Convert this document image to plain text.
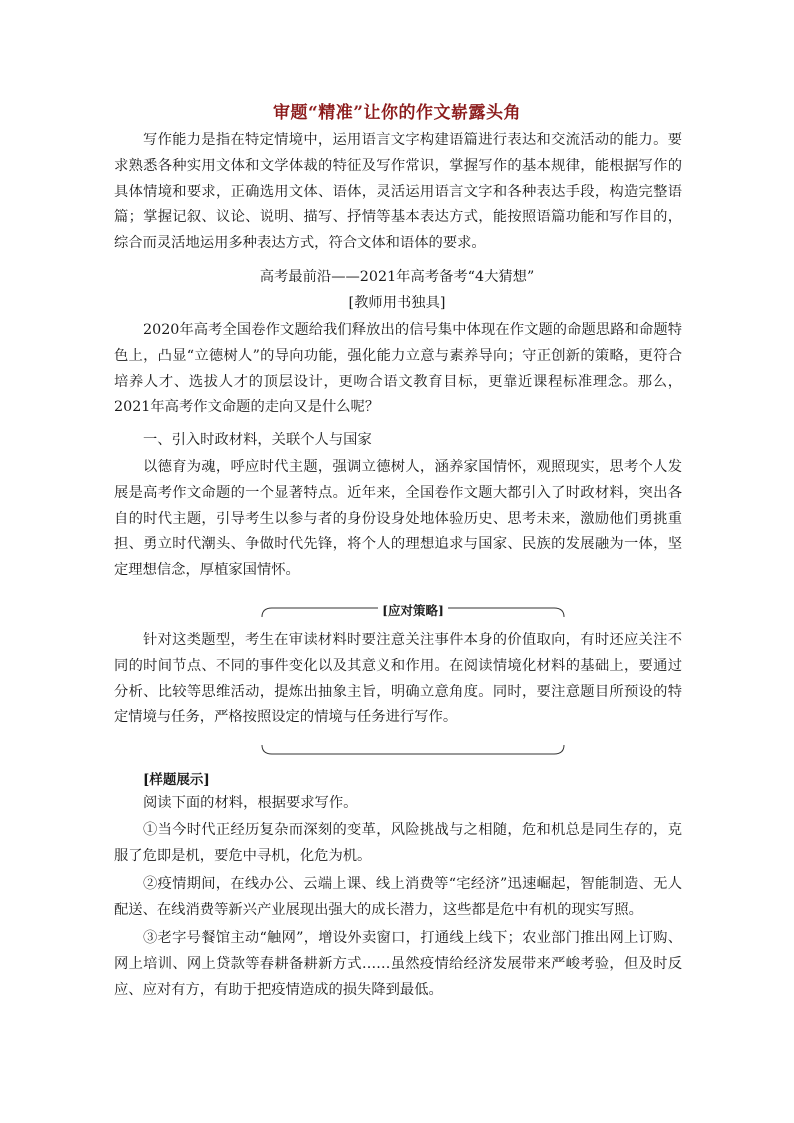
审题“精准”让你的作文崭露头角

写作能力是指在特定情境中，运用语言文字构建语篇进行表达和交流活动的能力。要求熟悉各种实用文体和文学体裁的特征及写作常识，掌握写作的基本规律，能根据写作的具体情境和要求，正确选用文体、语体，灵活运用语言文字和各种表达手段，构造完整语篇；掌握记叙、议论、说明、描写、抒情等基本表达方式，能按照语篇功能和写作目的，综合而灵活地运用多种表达方式，符合文体和语体的要求。

高考最前沿——2021年高考备考“4大猜想”
[教师用书独具]

2020年高考全国卷作文题给我们释放出的信号集中体现在作文题的命题思路和命题特色上，凸显“立德树人”的导向功能，强化能力立意与素养导向；守正创新的策略，更符合培养人才、选拔人才的顶层设计，更吻合语文教育目标，更靠近课程标准理念。那么，2021年高考作文命题的走向又是什么呢？

一、引入时政材料，关联个人与国家

以德育为魂，呼应时代主题，强调立德树人，涵养家国情怀，观照现实，思考个人发展是高考作文命题的一个显著特点。近年来，全国卷作文题大都引入了时政材料，突出各自的时代主题，引导考生以参与者的身份设身处地体验历史、思考未来，激励他们勇挑重担、勇立时代潮头、争做时代先锋，将个人的理想追求与国家、民族的发展融为一体，坚定理想信念，厚植家国情怀。

[应对策略]

针对这类题型，考生在审读材料时要注意关注事件本身的价值取向，有时还应关注不同的时间节点、不同的事件变化以及其意义和作用。在阅读情境化材料的基础上，要通过分析、比较等思维活动，提炼出抽象主旨，明确立意角度。同时，要注意题目所预设的特定情境与任务，严格按照设定的情境与任务进行写作。

[样题展示]

阅读下面的材料，根据要求写作。

①当今时代正经历复杂而深刻的变革，风险挑战与之相随，危和机总是同生存的，克服了危即是机，要危中寻机，化危为机。

②疫情期间，在线办公、云端上课、线上消费等“宅经济”迅速崛起，智能制造、无人配送、在线消费等新兴产业展现出强大的成长潜力，这些都是危中有机的现实写照。

③老字号餐馆主动“触网”，增设外卖窗口，打通线上线下；农业部门推出网上订购、网上培训、网上贷款等春耕备耕新方式……虽然疫情给经济发展带来严峻考验，但及时反应、应对有方，有助于把疫情造成的损失降到最低。
